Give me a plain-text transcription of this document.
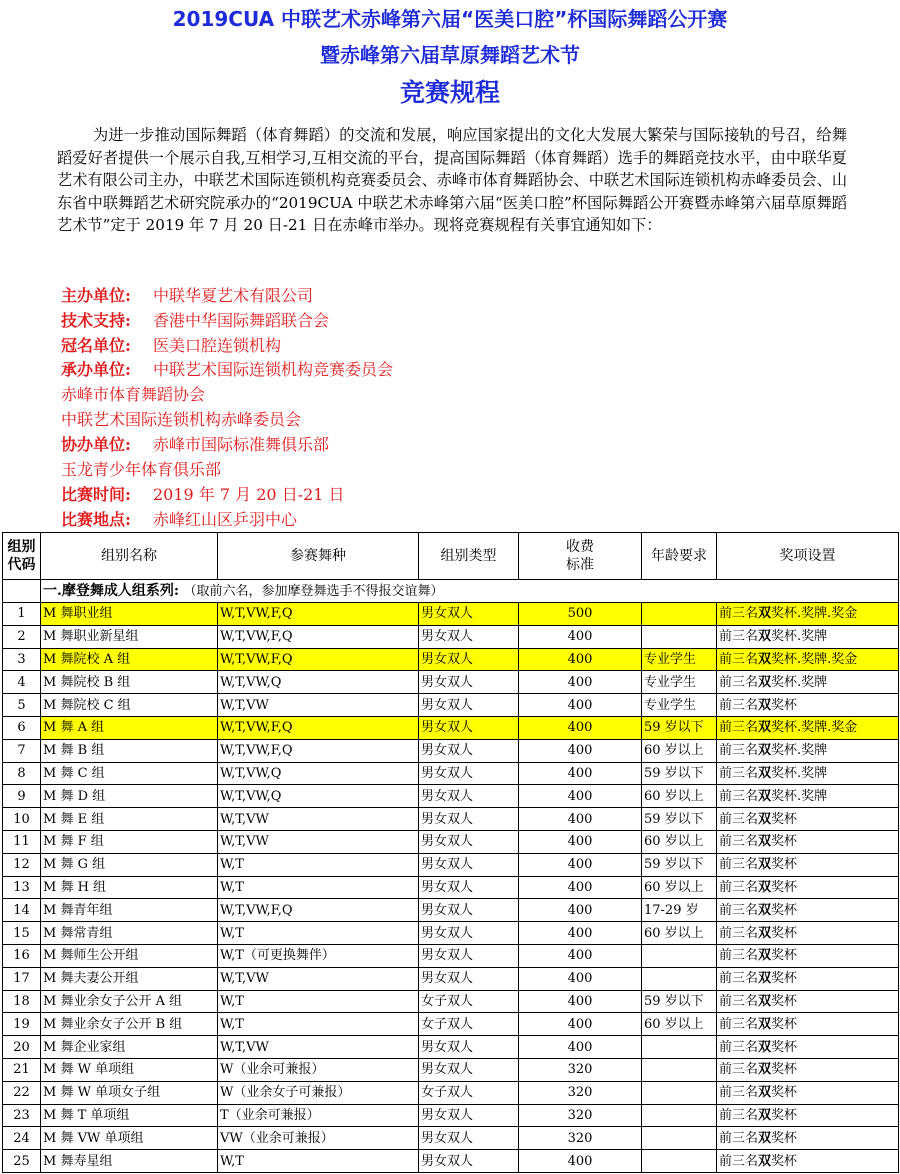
2019CUA 中联艺术赤峰第六届“医美口腔”杯国际舞蹈公开赛
暨赤峰第六届草原舞蹈艺术节
竞赛规程

为进一步推动国际舞蹈（体育舞蹈）的交流和发展，响应国家提出的文化大发展大繁荣与国际接轨的号召，给舞蹈爱好者提供一个展示自我,互相学习,互相交流的平台，提高国际舞蹈（体育舞蹈）选手的舞蹈竞技水平，由中联华夏艺术有限公司主办，中联艺术国际连锁机构竞赛委员会、赤峰市体育舞蹈协会、中联艺术国际连锁机构赤峰委员会、山东省中联舞蹈艺术研究院承办的“2019CUA 中联艺术赤峰第六届“医美口腔”杯国际舞蹈公开赛暨赤峰第六届草原舞蹈艺术节”定于 2019 年 7 月 20 日-21 日在赤峰市举办。现将竞赛规程有关事宜通知如下：

主办单位: 中联华夏艺术有限公司
技术支持: 香港中华国际舞蹈联合会
冠名单位: 医美口腔连锁机构
承办单位: 中联艺术国际连锁机构竞赛委员会
赤峰市体育舞蹈协会
中联艺术国际连锁机构赤峰委员会
协办单位: 赤峰市国际标准舞俱乐部
玉龙青少年体育俱乐部
比赛时间: 2019 年 7 月 20 日-21 日
比赛地点: 赤峰红山区乒羽中心
组别代码	组别名称	参赛舞种	组别类型	收费标准	年龄要求	奖项设置
	一.摩登舞成人组系列: （取前六名，参加摩登舞选手不得报交谊舞）					
1	M 舞职业组	W,T,VW,F,Q	男女双人	500		前三名双奖杯.奖牌.奖金
2	M 舞职业新星组	W,T,VW,F,Q	男女双人	400		前三名双奖杯.奖牌
3	M 舞院校 A 组	W,T,VW,F,Q	男女双人	400	专业学生	前三名双奖杯.奖牌.奖金
4	M 舞院校 B 组	W,T,VW,Q	男女双人	400	专业学生	前三名双奖杯.奖牌
5	M 舞院校 C 组	W,T,VW	男女双人	400	专业学生	前三名双奖杯
6	M 舞 A 组	W,T,VW,F,Q	男女双人	400	59 岁以下	前三名双奖杯.奖牌.奖金
7	M 舞 B 组	W,T,VW,F,Q	男女双人	400	60 岁以上	前三名双奖杯.奖牌
8	M 舞 C 组	W,T,VW,Q	男女双人	400	59 岁以下	前三名双奖杯.奖牌
9	M 舞 D 组	W,T,VW,Q	男女双人	400	60 岁以上	前三名双奖杯.奖牌
10	M 舞 E 组	W,T,VW	男女双人	400	59 岁以下	前三名双奖杯
11	M 舞 F 组	W,T,VW	男女双人	400	60 岁以上	前三名双奖杯
12	M 舞 G 组	W,T	男女双人	400	59 岁以下	前三名双奖杯
13	M 舞 H 组	W,T	男女双人	400	60 岁以上	前三名双奖杯
14	M 舞青年组	W,T,VW,F,Q	男女双人	400	17-29 岁	前三名双奖杯
15	M 舞常青组	W,T	男女双人	400	60 岁以上	前三名双奖杯
16	M 舞师生公开组	W,T（可更换舞伴）	男女双人	400		前三名双奖杯
17	M 舞夫妻公开组	W,T,VW	男女双人	400		前三名双奖杯
18	M 舞业余女子公开 A 组	W,T	女子双人	400	59 岁以下	前三名双奖杯
19	M 舞业余女子公开 B 组	W,T	女子双人	400	60 岁以上	前三名双奖杯
20	M 舞企业家组	W,T,VW	男女双人	400		前三名双奖杯
21	M 舞 W 单项组	W（业余可兼报）	男女双人	320		前三名双奖杯
22	M 舞 W 单项女子组	W（业余女子可兼报）	女子双人	320		前三名双奖杯
23	M 舞 T 单项组	T（业余可兼报）	男女双人	320		前三名双奖杯
24	M 舞 VW 单项组	VW（业余可兼报）	男女双人	320		前三名双奖杯
25	M 舞寿星组	W,T	男女双人	400		前三名双奖杯
